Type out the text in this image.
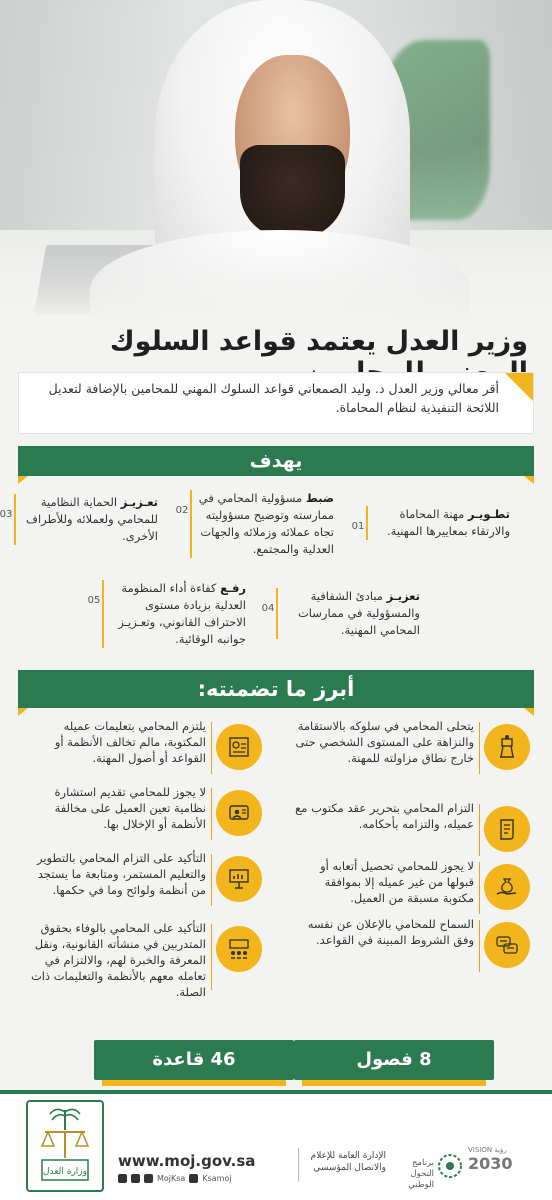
وزير العدل يعتمد قواعد السلوك

أقر معالي وزير العدل د. وليد الصمعاني قواعد السلوك المهني للمحامين بالإضافة لتعديل اللائحة التنفيذية لنظام المحاماة.

يهدف

تطـويـر مهنة المحاماة والارتقاء بمعاييرها المهنية.

01

ضبط مسؤولية المحامي في ممارسته وتوضيح مسؤوليته تجاه عملائه وزملائه والجهات العدلية والمجتمع.

02

تعـزيـز الحماية النظامية للمحامي ولعملائه وللأطراف الأخرى.

03

تعزيـز مبادئ الشفافية والمسؤولية في ممارسات المحامي المهنية.

04

رفـع كفاءة أداء المنظومة العدلية بزيادة مستوى الاحتراف القانوني، وتعـزيـز جوانبه الوقائية.

05
أبرز ما تضمنته:

يتحلى المحامي في سلوكه بالاستقامة والنزاهة على المستوى الشخصي حتى خارج نطاق مزاولته للمهنة.

يلتزم المحامي بتعليمات عميله المكتوبة، مالم تخالف الأنظمة أو القواعد أو أصول المهنة.

التزام المحامي بتحرير عقد مكتوب مع عميله، والتزامه بأحكامه.

لا يجوز للمحامي تقديم استشارة نظامية تعين العميل على مخالفة الأنظمة أو الإخلال بها.

لا يجوز للمحامي تحصيل أتعابه أو قبولها من غير عميله إلا بموافقة مكتوبة مسبقة من العميل.

التأكيد على التزام المحامي بالتطوير والتعليم المستمر، ومتابعة ما يستجد من أنظمة ولوائح وما في حكمها.

السماح للمحامي بالإعلان عن نفسه وفق الشروط المبينة في القواعد.

التأكيد على المحامي بالوفاء بحقوق المتدربين في منشأته القانونية، ونقل المعرفة والخبرة لهم، والالتزام في تعامله معهم بالأنظمة والتعليمات ذات الصلة.

8 فصول
46 قاعدة
وزارة العدل
www.moj.gov.sa
MojKsa Ksamoj
الإدارة العامة للإعلام والاتصال المؤسسي	برنامج التحول الوطني
VISION رؤية
2030
